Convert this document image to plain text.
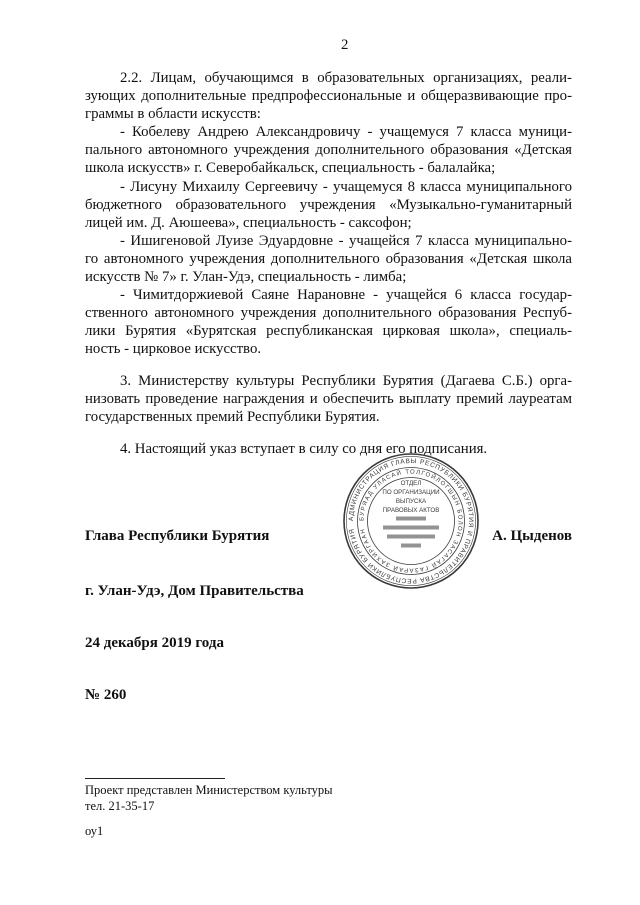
2
2.2. Лицам, обучающимся в образовательных организациях, реали-
зующих дополнительные предпрофессиональные и общеразвивающие про-
граммы в области искусств:
- Кобелеву Андрею Александровичу - учащемуся 7 класса муници-
пального автономного учреждения дополнительного образования «Детская
школа искусств» г. Северобайкальск, специальность - балалайка;
- Лисуну Михаилу Сергеевичу - учащемуся 8 класса муниципального
бюджетного образовательного учреждения «Музыкально-гуманитарный
лицей им. Д. Аюшеева», специальность - саксофон;
- Ишигеновой Луизе Эдуардовне - учащейся 7 класса муниципально-
го автономного учреждения дополнительного образования «Детская школа
искусств № 7» г. Улан-Удэ, специальность - лимба;
- Чимитдоржиевой Саяне Нарановне - учащейся 6 класса государ-
ственного автономного учреждения дополнительного образования Респуб-
лики Бурятия «Бурятская республиканская цирковая школа», специаль-
ность - цирковое искусство.
3. Министерству культуры Республики Бурятия (Дагаева С.Б.) орга-
низовать проведение награждения и обеспечить выплату премий лауреатам
государственных премий Республики Бурятия.
4. Настоящий указ вступает в силу со дня его подписания.
Глава Республики Бурятия	А. Цыденов
АДМИНИСТРАЦИЯ ГЛАВЫ РЕСПУБЛИКИ БУРЯТИЯ И ПРАВИТЕЛЬСТВА РЕСПУБЛИКИ БУРЯТИЯ
БУРЯАД УЛАСАЙ ТОЛГОЙЛОГШЫН БОЛОН ЗАСАГАЙ ГАЗАРАЙ ЗАХИРГААН
ОТДЕЛ
ПО ОРГАНИЗАЦИИ
ВЫПУСКА
ПРАВОВЫХ АКТОВ
г. Улан-Удэ, Дом Правительства
24 декабря 2019 года
№ 260
Проект представлен Министерством культуры
тел. 21-35-17
оу1
